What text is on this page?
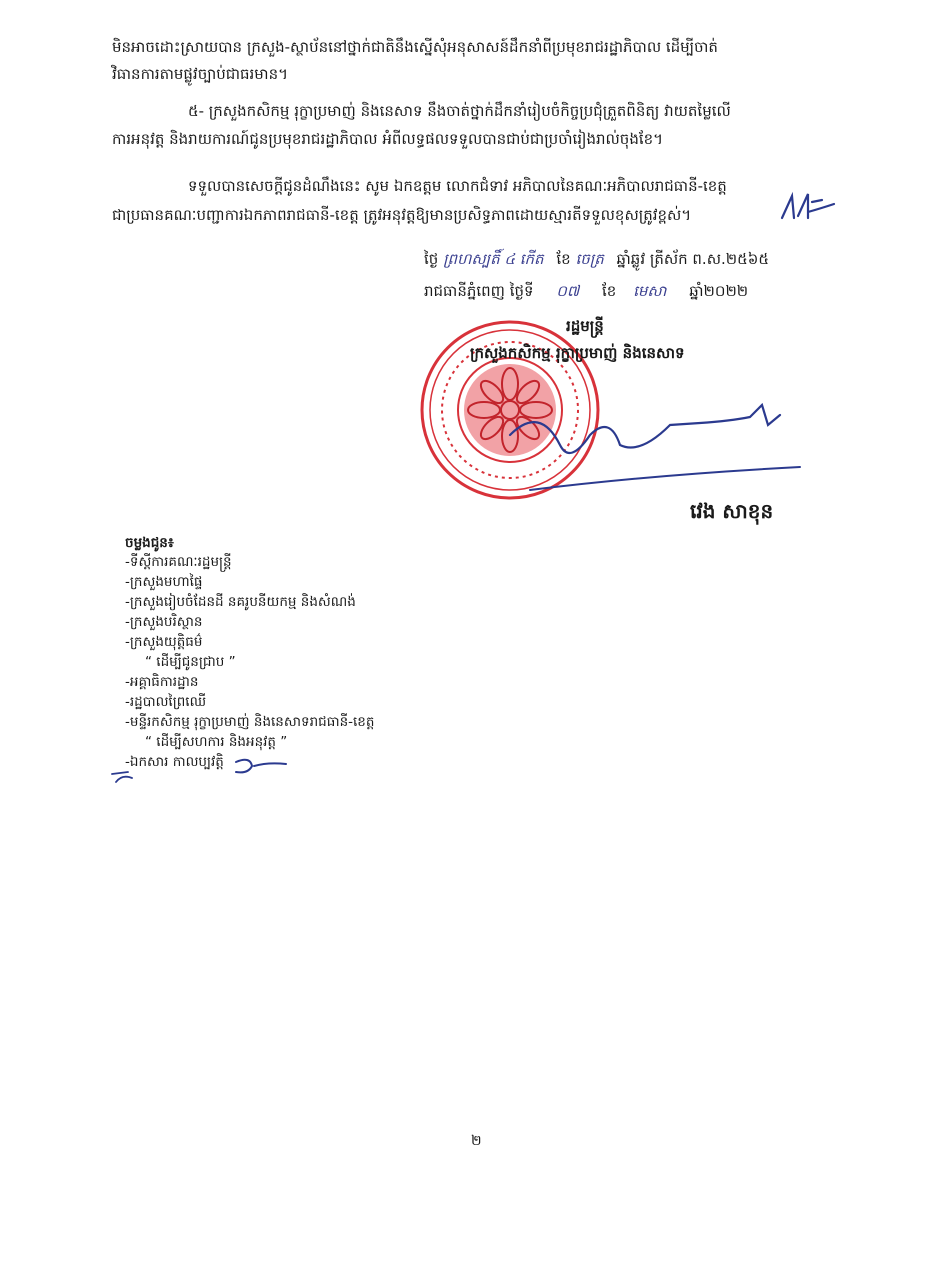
មិនអាចដោះស្រាយបាន ក្រសួង-ស្ថាប័ននៅថ្នាក់ជាតិនឹងស្នើសុំអនុសាសន៍ដឹកនាំពីប្រមុខរាជរដ្ឋាភិបាល ដើម្បីចាត់
វិធានការតាមផ្លូវច្បាប់ជាធរមាន។
៥- ក្រសួងកសិកម្ម រុក្ខាប្រមាញ់ និងនេសាទ នឹងចាត់ថ្នាក់ដឹកនាំរៀបចំកិច្ចប្រជុំត្រួតពិនិត្យ វាយតម្លៃលើ
ការអនុវត្ត និងរាយការណ៍ជូនប្រមុខរាជរដ្ឋាភិបាល អំពីលទ្ធផលទទួលបានជាប់ជាប្រចាំរៀងរាល់ចុងខែ។
ទទួលបានសេចក្តីជូនដំណឹងនេះ សូម ឯកឧត្តម លោកជំទាវ អភិបាលនៃគណៈអភិបាលរាជធានី-ខេត្ត
ជាប្រធានគណៈបញ្ជាការឯកភាពរាជធានី-ខេត្ត ត្រូវអនុវត្តឱ្យមានប្រសិទ្ធភាពដោយស្មារតីទទួលខុសត្រូវខ្ពស់។
ថ្ងៃ ព្រហស្បតិ៍ ៤ កើត ខែ ចេត្រ ឆ្នាំឆ្លូវ ត្រីស័ក ព.ស.២៥៦៥
រាជធានីភ្នំពេញ ថ្ងៃទី ០៧ ខែ មេសា ឆ្នាំ២០២២
រដ្ឋមន្ត្រី
ក្រសួងកសិកម្ម រុក្ខាប្រមាញ់ និងនេសាទ
វេង សាខុន
ចម្លងជូន៖
-ទីស្តីការគណៈរដ្ឋមន្ត្រី
-ក្រសួងមហាផ្ទៃ
-ក្រសួងរៀបចំដែនដី នគរូបនីយកម្ម និងសំណង់
-ក្រសួងបរិស្ថាន
-ក្រសួងយុត្តិធម៌
“ ដើម្បីជូនជ្រាប ”
-អគ្គាធិការដ្ឋាន
-រដ្ឋបាលព្រៃឈើ
-មន្ទីរកសិកម្ម រុក្ខាប្រមាញ់ និងនេសាទរាជធានី-ខេត្ត
“ ដើម្បីសហការ និងអនុវត្ត ”
-ឯកសារ កាលប្បវត្តិ
២
